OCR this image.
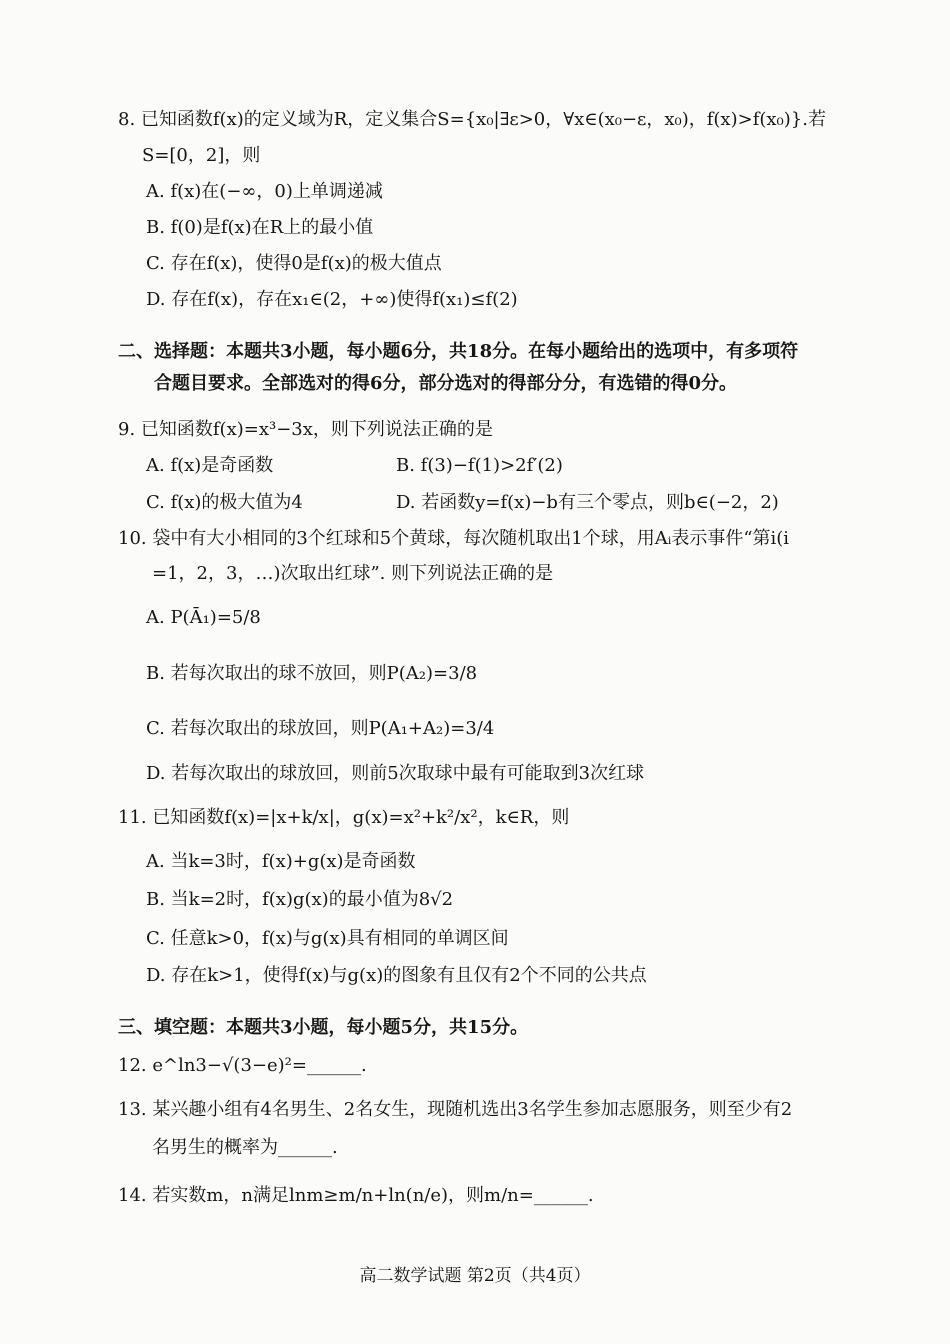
8. 已知函数f(x)的定义域为R，定义集合S={x₀|∃ε>0，∀x∈(x₀−ε，x₀)，f(x)>f(x₀)}.若
S=[0，2]，则
A. f(x)在(−∞，0)上单调递减
B. f(0)是f(x)在R上的最小值
C. 存在f(x)，使得0是f(x)的极大值点
D. 存在f(x)，存在x₁∈(2，+∞)使得f(x₁)≤f(2)
二、选择题：本题共3小题，每小题6分，共18分。在每小题给出的选项中，有多项符
合题目要求。全部选对的得6分，部分选对的得部分分，有选错的得0分。
9. 已知函数f(x)=x³−3x，则下列说法正确的是
A. f(x)是奇函数	B. f(3)−f(1)>2f′(2)
C. f(x)的极大值为4	D. 若函数y=f(x)−b有三个零点，则b∈(−2，2)
10. 袋中有大小相同的3个红球和5个黄球，每次随机取出1个球，用Aᵢ表示事件“第i(i
=1，2，3，…)次取出红球”. 则下列说法正确的是
A. P(Ā₁)=5/8
B. 若每次取出的球不放回，则P(A₂)=3/8
C. 若每次取出的球放回，则P(A₁+A₂)=3/4
D. 若每次取出的球放回，则前5次取球中最有可能取到3次红球
11. 已知函数f(x)=|x+k/x|，g(x)=x²+k²/x²，k∈R，则
A. 当k=3时，f(x)+g(x)是奇函数
B. 当k=2时，f(x)g(x)的最小值为8√2
C. 任意k>0，f(x)与g(x)具有相同的单调区间
D. 存在k>1，使得f(x)与g(x)的图象有且仅有2个不同的公共点
三、填空题：本题共3小题，每小题5分，共15分。
12. e^ln3−√(3−e)²=______.
13. 某兴趣小组有4名男生、2名女生，现随机选出3名学生参加志愿服务，则至少有2
名男生的概率为______.
14. 若实数m，n满足lnm≥m/n+ln(n/e)，则m/n=______.
高二数学试题 第2页（共4页）
